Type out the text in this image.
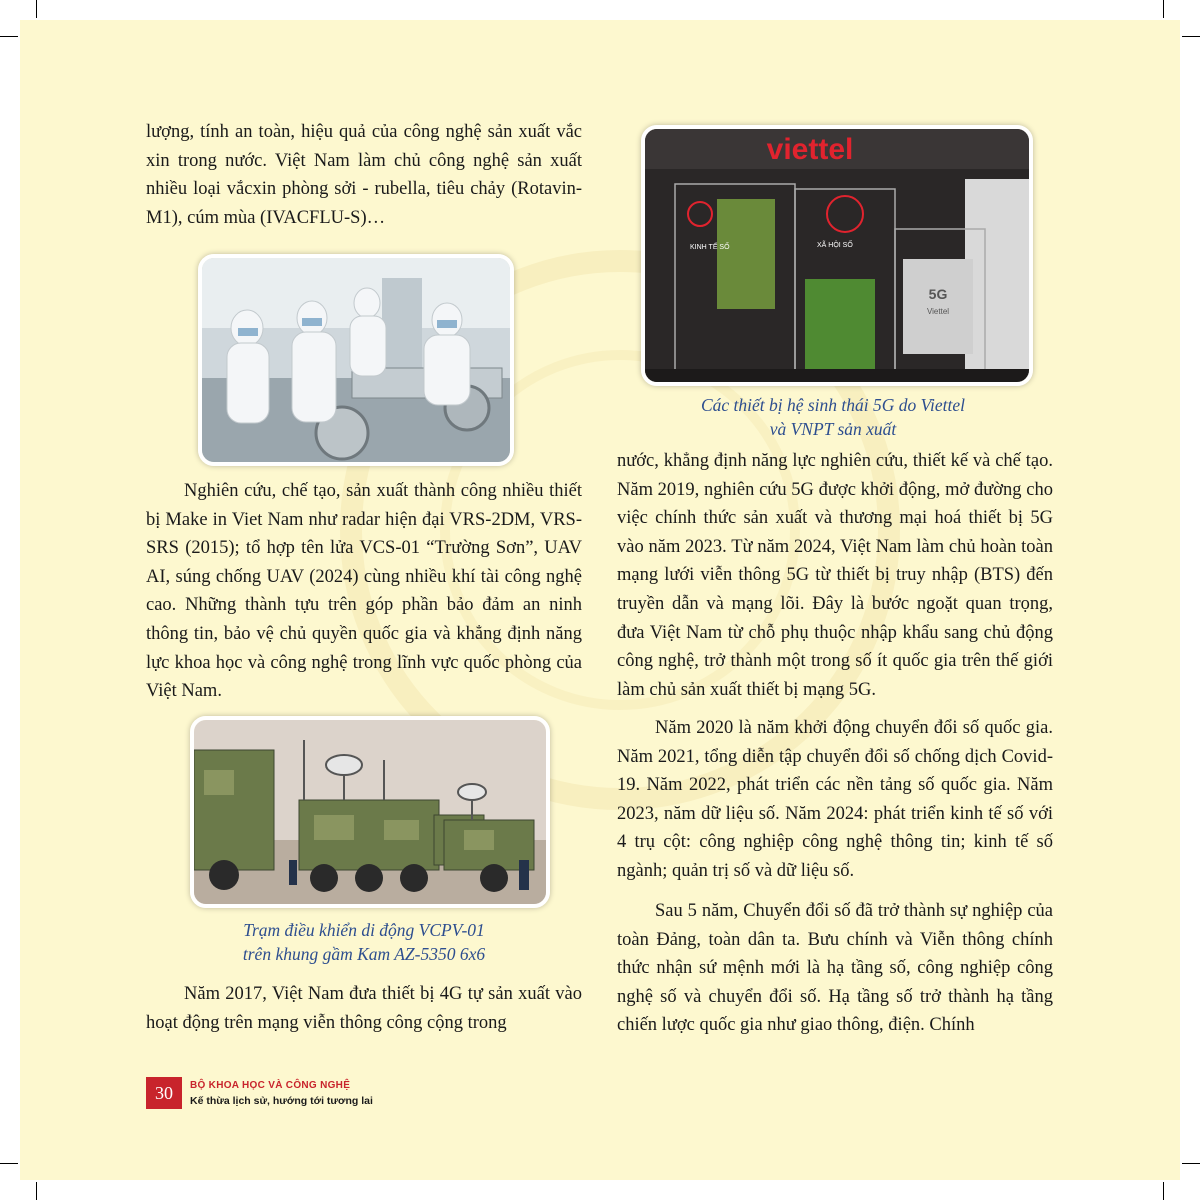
lượng, tính an toàn, hiệu quả của công nghệ sản xuất vắc xin trong nước. Việt Nam làm chủ công nghệ sản xuất nhiều loại vắcxin phòng sởi - rubella, tiêu chảy (Rotavin-M1), cúm mùa (IVACFLU-S)…

Nghiên cứu, chế tạo, sản xuất thành công nhiều thiết bị Make in Viet Nam như radar hiện đại VRS-2DM, VRS-SRS (2015); tổ hợp tên lửa VCS-01 “Trường Sơn”, UAV AI, súng chống UAV (2024) cùng nhiều khí tài công nghệ cao. Những thành tựu trên góp phần bảo đảm an ninh thông tin, bảo vệ chủ quyền quốc gia và khẳng định năng lực khoa học và công nghệ trong lĩnh vực quốc phòng của Việt Nam.

Trạm điều khiển di động VCPV-01
trên khung gầm Kam AZ-5350 6x6

Năm 2017, Việt Nam đưa thiết bị 4G tự sản xuất vào hoạt động trên mạng viễn thông công cộng trong

viettel
KINH TẾ SỐ	XÃ HỘI SỐ
5G
Viettel
Các thiết bị hệ sinh thái 5G do Viettel
và VNPT sản xuất

nước, khẳng định năng lực nghiên cứu, thiết kế và chế tạo. Năm 2019, nghiên cứu 5G được khởi động, mở đường cho việc chính thức sản xuất và thương mại hoá thiết bị 5G vào năm 2023. Từ năm 2024, Việt Nam làm chủ hoàn toàn mạng lưới viễn thông 5G từ thiết bị truy nhập (BTS) đến truyền dẫn và mạng lõi. Đây là bước ngoặt quan trọng, đưa Việt Nam từ chỗ phụ thuộc nhập khẩu sang chủ động công nghệ, trở thành một trong số ít quốc gia trên thế giới làm chủ sản xuất thiết bị mạng 5G.

Năm 2020 là năm khởi động chuyển đổi số quốc gia. Năm 2021, tổng diễn tập chuyển đổi số chống dịch Covid-19. Năm 2022, phát triển các nền tảng số quốc gia. Năm 2023, năm dữ liệu số. Năm 2024: phát triển kinh tế số với 4 trụ cột: công nghiệp công nghệ thông tin; kinh tế số ngành; quản trị số và dữ liệu số.

Sau 5 năm, Chuyển đổi số đã trở thành sự nghiệp của toàn Đảng, toàn dân ta. Bưu chính và Viễn thông chính thức nhận sứ mệnh mới là hạ tầng số, công nghiệp công nghệ số và chuyển đổi số. Hạ tầng số trở thành hạ tầng chiến lược quốc gia như giao thông, điện. Chính

30	BỘ KHOA HỌC VÀ CÔNG NGHỆ
Kế thừa lịch sử, hướng tới tương lai
